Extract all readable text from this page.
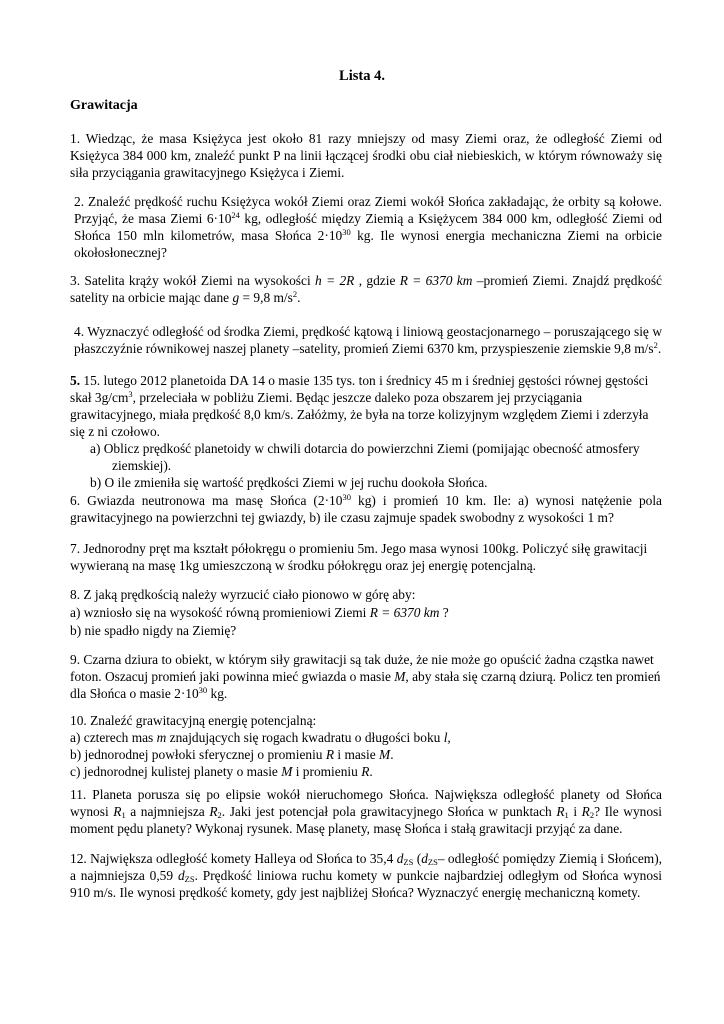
Lista 4.
Grawitacja
1. Wiedząc, że masa Księżyca jest około 81 razy mniejszy od masy Ziemi oraz, że odległość Ziemi od
Księżyca 384 000 km, znaleźć punkt P na linii łączącej środki obu ciał niebieskich, w którym równoważy się
siła przyciągania grawitacyjnego Księżyca i Ziemi.
2. Znaleźć prędkość ruchu Księżyca wokół Ziemi oraz Ziemi wokół Słońca zakładając, że orbity są kołowe.
Przyjąć, że masa Ziemi $6\cdot 10^{24}$ kg, odległość między Ziemią a Księżycem 384 000 km, odległość Ziemi od
Słońca 150 mln kilometrów, masa Słońca $2\cdot 10^{30}$ kg. Ile wynosi energia mechaniczna Ziemi na orbicie
okołosłonecznej?
3. Satelita krąży wokół Ziemi na wysokości h = 2R , gdzie R = 6370 km –promień Ziemi. Znajdź prędkość
satelity na orbicie mając dane g = 9,8 $m/s^2$.
4. Wyznaczyć odległość od środka Ziemi, prędkość kątową i liniową geostacjonarnego – poruszającego się w
płaszczyźnie równikowej naszej planety –satelity, promień Ziemi 6370 km, przyspieszenie ziemskie 9,8 $m/s^2$.
5. 15. lutego 2012 planetoida DA 14 o masie 135 tys. ton i średnicy 45 m i średniej gęstości równej gęstości
skał $3g/cm^3$, przeleciała w pobliżu Ziemi. Będąc jeszcze daleko poza obszarem jej przyciągania
grawitacyjnego, miała prędkość 8,0 km/s. Załóżmy, że była na torze kolizyjnym względem Ziemi i zderzyła
się z ni czołowo.
a) Oblicz prędkość planetoidy w chwili dotarcia do powierzchni Ziemi (pomijając obecność atmosfery
ziemskiej).
b) O ile zmieniła się wartość prędkości Ziemi w jej ruchu dookoła Słońca.
6. Gwiazda neutronowa ma masę Słońca ($2\cdot 10^{30}$ kg) i promień 10 km. Ile: a) wynosi natężenie pola
grawitacyjnego na powierzchni tej gwiazdy, b) ile czasu zajmuje spadek swobodny z wysokości 1 m?
7. Jednorodny pręt ma kształt półokręgu o promieniu 5m. Jego masa wynosi 100kg. Policzyć siłę grawitacji
wywieraną na masę 1kg umieszczoną w środku półokręgu oraz jej energię potencjalną.
8. Z jaką prędkością należy wyrzucić ciało pionowo w górę aby:
a) wzniosło się na wysokość równą promieniowi Ziemi R = 6370 km ?
b) nie spadło nigdy na Ziemię?
9. Czarna dziura to obiekt, w którym siły grawitacji są tak duże, że nie może go opuścić żadna cząstka nawet
foton. Oszacuj promień jaki powinna mieć gwiazda o masie M, aby stała się czarną dziurą. Policz ten promień
dla Słońca o masie $2\cdot 10^{30}$ kg.
10. Znaleźć grawitacyjną energię potencjalną:
a) czterech mas m znajdujących się rogach kwadratu o długości boku l,
b) jednorodnej powłoki sferycznej o promieniu R i masie M.
c) jednorodnej kulistej planety o masie M i promieniu R.
11. Planeta porusza się po elipsie wokół nieruchomego Słońca. Największa odległość planety od Słońca
wynosi $R_1$ a najmniejsza $R_2$. Jaki jest potencjał pola grawitacyjnego Słońca w punktach $R_1$ i $R_2$? Ile wynosi
moment pędu planety? Wykonaj rysunek. Masę planety, masę Słońca i stałą grawitacji przyjąć za dane.
12. Największa odległość komety Halleya od Słońca to 35,4 $d_{ZS}$ ($d_{ZS}-$ odległość pomiędzy Ziemią i Słońcem),
a najmniejsza 0,59 $d_{ZS}$. Prędkość liniowa ruchu komety w punkcie najbardziej odległym od Słońca wynosi
910 m/s. Ile wynosi prędkość komety, gdy jest najbliżej Słońca? Wyznaczyć energię mechaniczną komety.
